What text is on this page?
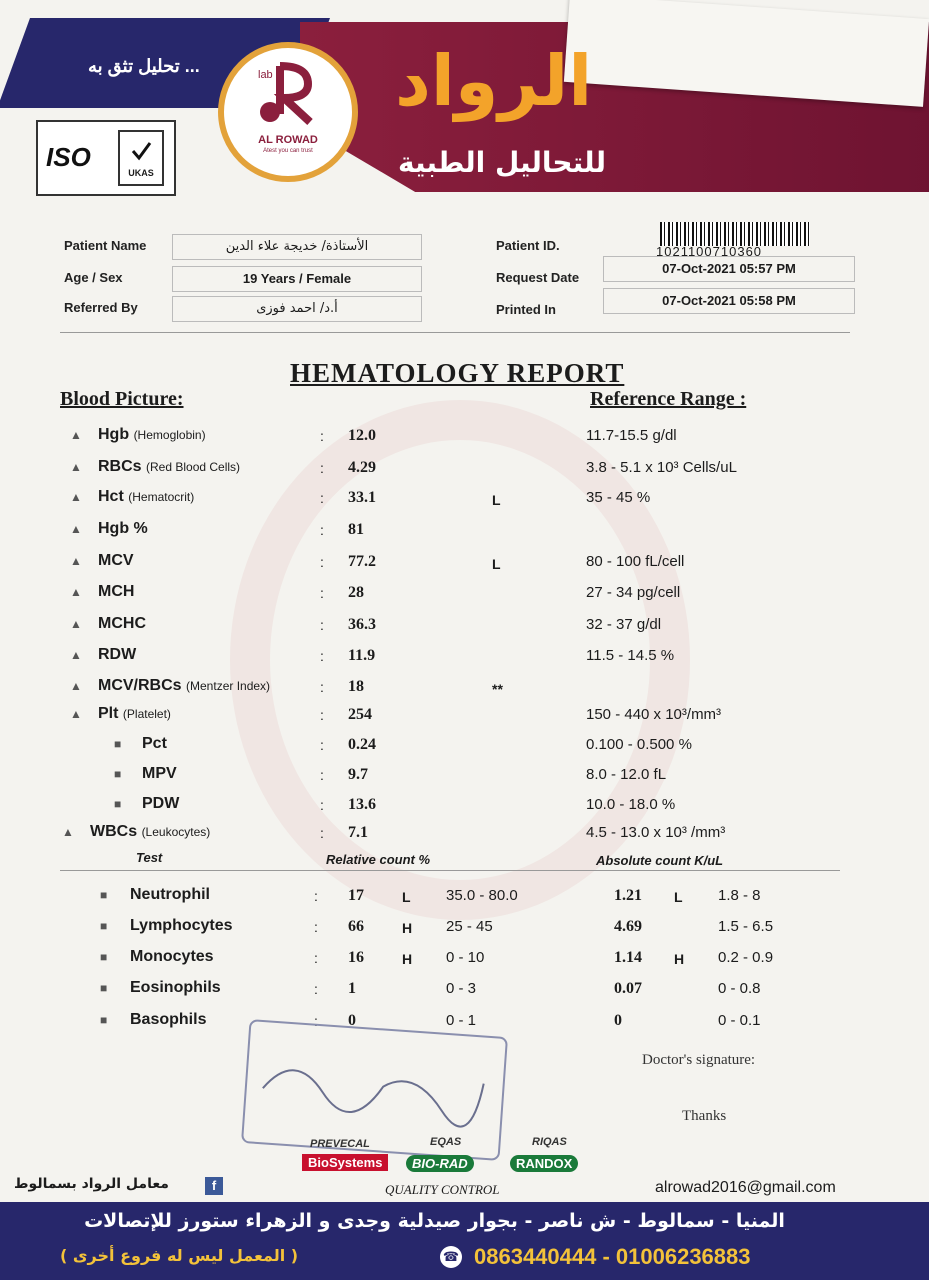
تحليل تثق به ...	lab
AL ROWAD
Atest you can trust
الرواد
للتحاليل الطبية
ISO
UKAS
Patient Name	الأستاذة/ خديجة علاء الدين
Age / Sex	19 Years / Female
Referred By	أ.د/ احمد فوزى
Patient ID.	1021100710360
Request Date
07-Oct-2021 05:57 PM
Printed In
07-Oct-2021 05:58 PM
HEMATOLOGY REPORT
Blood Picture:	Reference Range :
▲ Hgb (Hemoglobin)	: 12.0	11.7-15.5 g/dl
▲ RBCs (Red Blood Cells)	: 4.29	3.8 - 5.1 x 10³ Cells/uL
▲ Hct (Hematocrit)	: 33.1	L	35 - 45 %
▲ Hgb %	: 81
▲ MCV	: 77.2	L	80 - 100 fL/cell
▲ MCH	: 28	27 - 34 pg/cell
▲ MCHC	: 36.3	32 - 37 g/dl
▲ RDW	: 11.9	11.5 - 14.5 %
▲ MCV/RBCs (Mentzer Index)	: 18	**
▲ Plt (Platelet)	: 254	150 - 440 x 10³/mm³
■ Pct	: 0.24	0.100 - 0.500 %
■ MPV	: 9.7	8.0 - 12.0 fL
■ PDW	: 13.6	10.0 - 18.0 %
▲ WBCs (Leukocytes)	: 7.1	4.5 - 13.0 x 10³ /mm³
Test	Relative count %	Absolute count K/uL
■ Neutrophil	: 17	L 35.0 - 80.0	1.21 L 1.8 - 8
■ Lymphocytes	: 66	H 25 - 45	4.69	1.5 - 6.5
■ Monocytes	: 16	H 0 - 10	1.14 H 0.2 - 0.9
■ Eosinophils	: 1	0 - 3	0.07	0 - 0.8
■ Basophils	: 0	0 - 1	0	0 - 0.1
Doctor's signature:
Thanks
PREVECAL	EQAS	RIQAS
BioSystems	BIO-RAD	RANDOX
QUALITY CONTROL
معامل الرواد بسمالوط	f	alrowad2016@gmail.com
المنيا - سمالوط - ش ناصر - بجوار صيدلية وجدى و الزهراء ستورز للإتصالات
( المعمل ليس له فروع أخرى )	☎ 0863440444 - 01006236883
